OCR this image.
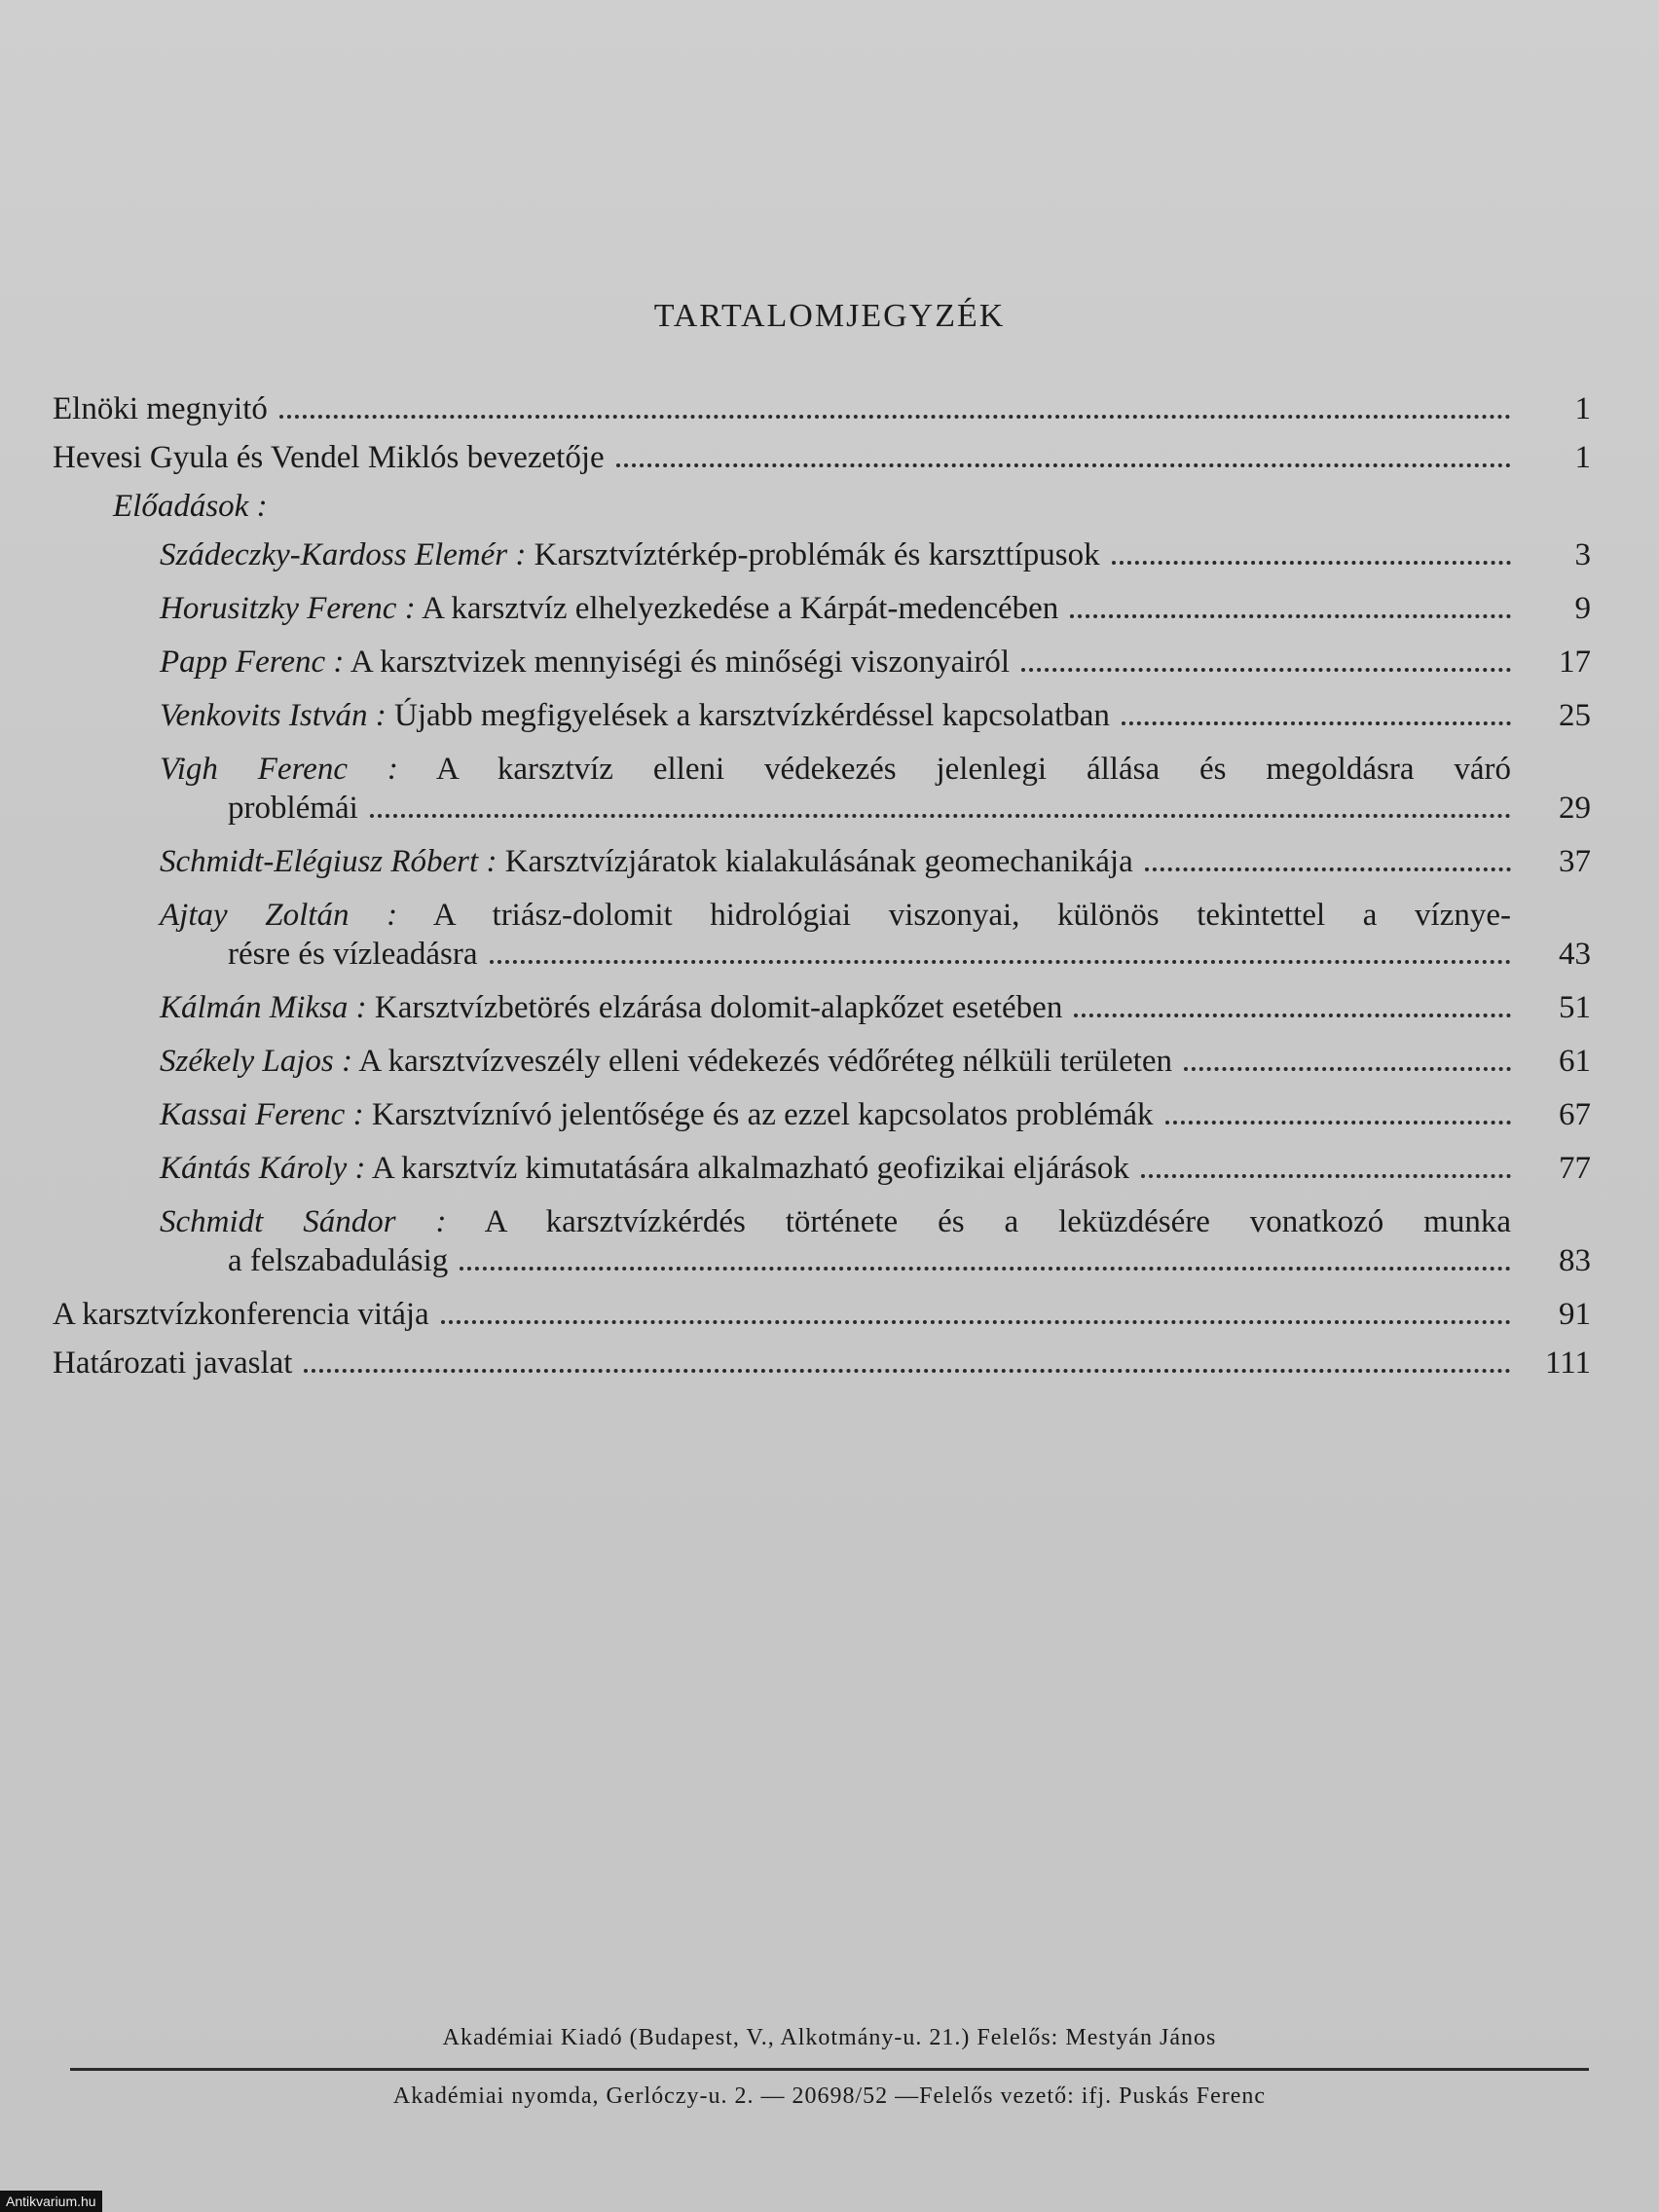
TARTALOMJEGYZÉK
Elnöki megnyitó	1
Hevesi Gyula és Vendel Miklós bevezetője	1
Előadások :
Szádeczky-Kardoss Elemér : Karsztvíztérkép-problémák és karszttípusok	3
Horusitzky Ferenc : A karsztvíz elhelyezkedése a Kárpát-medencében	9
Papp Ferenc : A karsztvizek mennyiségi és minőségi viszonyairól	17
Venkovits István : Újabb megfigyelések a karsztvízkérdéssel kapcsolatban	25
Vigh Ferenc : A karsztvíz elleni védekezés jelenlegi állása és megoldásra váró
problémái	29
Schmidt-Elégiusz Róbert : Karsztvízjáratok kialakulásának geomechanikája	37
Ajtay Zoltán : A triász-dolomit hidrológiai viszonyai, különös tekintettel a víznye-
résre és vízleadásra	43
Kálmán Miksa : Karsztvízbetörés elzárása dolomit-alapkőzet esetében	51
Székely Lajos : A karsztvízveszély elleni védekezés védőréteg nélküli területen	61
Kassai Ferenc : Karsztvíznívó jelentősége és az ezzel kapcsolatos problémák	67
Kántás Károly : A karsztvíz kimutatására alkalmazható geofizikai eljárások	77
Schmidt Sándor : A karsztvízkérdés története és a leküzdésére vonatkozó munka
a felszabadulásig	83
A karsztvízkonferencia vitája	91
Határozati javaslat	111
Akadémiai Kiadó (Budapest, V., Alkotmány-u. 21.) Felelős: Mestyán János
Akadémiai nyomda, Gerlóczy-u. 2. — 20698/52 —Felelős vezető: ifj. Puskás Ferenc
Antikvarium.hu
